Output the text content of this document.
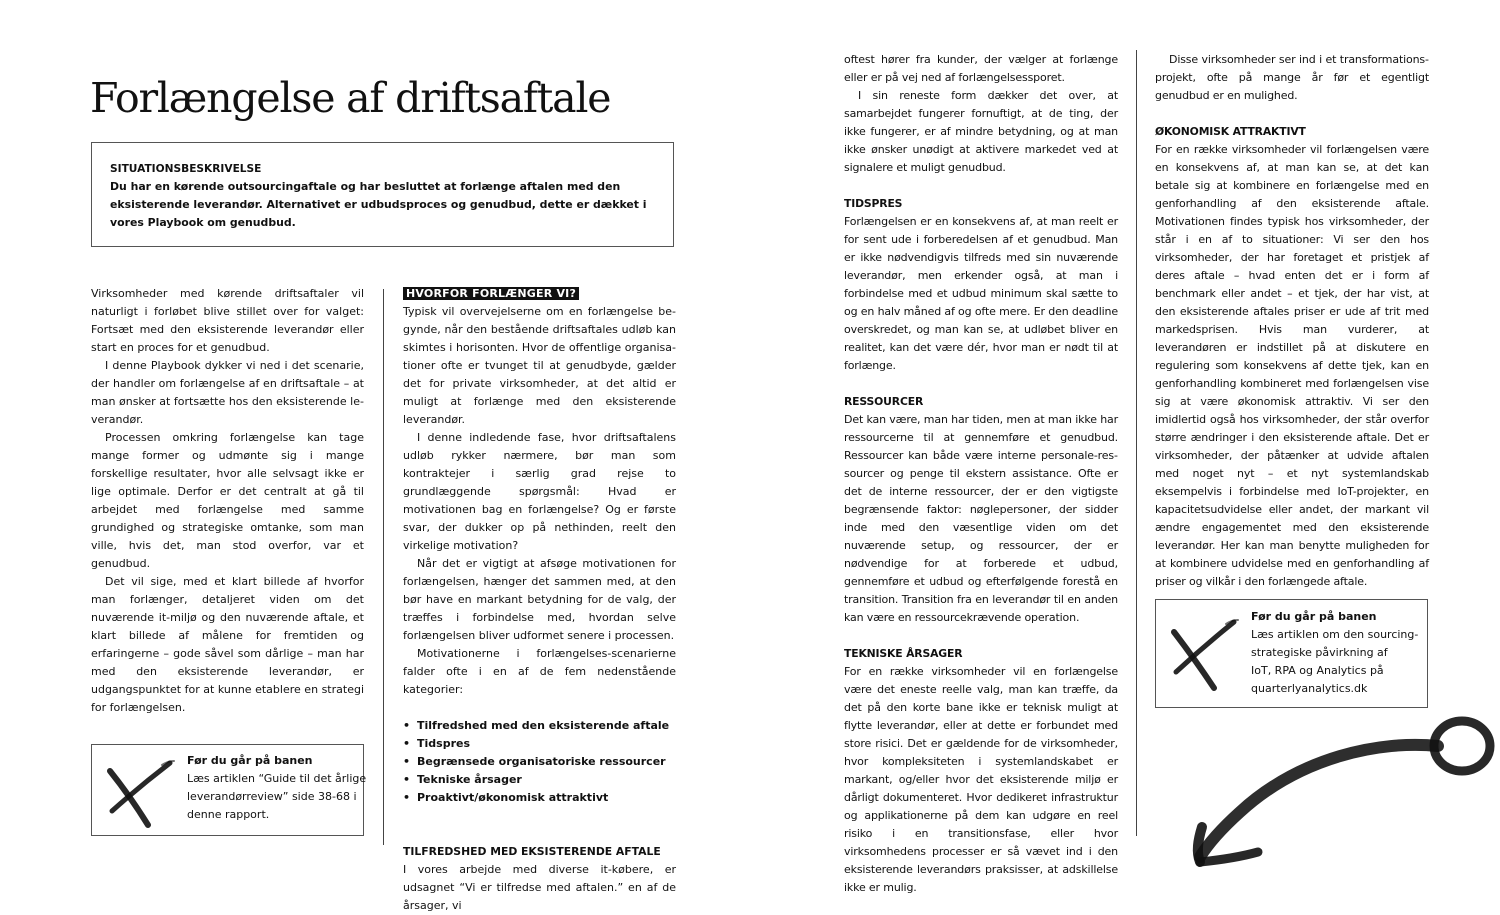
Forlængelse af driftsaftale
SITUATIONSBESKRIVELSE
Du har en kørende outsourcingaftale og har besluttet at forlænge aftalen med den eksisterende leverandør. Alternativet er udbudsproces og genudbud, dette er dækket i vores Playbook om genudbud.

Virksomheder med kørende driftsaftaler vil naturligt i forløbet blive stillet over for valget: Fortsæt med den eksisterende leverandør eller start en proces for et genudbud.

I denne Playbook dykker vi ned i det scenarie, der handler om forlængelse af en driftsaftale – at man ønsker at fortsætte hos den eksisterende leverandør.

Processen omkring forlængelse kan tage mange former og udmønte sig i mange forskellige resultater, hvor alle selvsagt ikke er lige optimale. Derfor er det centralt at gå til arbejdet med forlængelse med samme grundighed og strategiske omtanke, som man ville, hvis det, man stod overfor, var et genudbud.

Det vil sige, med et klart billede af hvorfor man forlænger, detaljeret viden om det nuværende it-miljø og den nuværende aftale, et klart billede af målene for fremtiden og erfaringerne – gode såvel som dårlige – man har med den eksisterende leverandør, er udgangspunktet for at kunne etablere en strategi for forlængelsen.

Før du går på banen
Læs artiklen “Guide til det årlige leverandørreview” side 38-68 i denne rapport.

HVORFOR FORLÆNGER VI?

Typisk vil overvejelserne om en forlængelse begynde, når den bestående driftsaftales udløb kan skimtes i horisonten. Hvor de offentlige organisationer ofte er tvunget til at genudbyde, gælder det for private virksomheder, at det altid er muligt at forlænge med den eksisterende leverandør.

I denne indledende fase, hvor driftsaftalens udløb rykker nærmere, bør man som kontraktejer i særlig grad rejse to grundlæggende spørgsmål: Hvad er motivationen bag en forlængelse? Og er første svar, der dukker op på nethinden, reelt den virkelige motivation?

Når det er vigtigt at afsøge motivationen for forlængelsen, hænger det sammen med, at den bør have en markant betydning for de valg, der træffes i forbindelse med, hvordan selve forlængelsen bliver udformet senere i processen.

Motivationerne i forlængelses-scenarierne falder ofte i en af de fem nedenstående kategorier:

• Tilfredshed med den eksisterende aftale
• Tidspres
• Begrænsede organisatoriske ressourcer
• Tekniske årsager
• Proaktivt/økonomisk attraktivt

TILFREDSHED MED EKSISTERENDE AFTALE

I vores arbejde med diverse it-købere, er udsagnet “Vi er tilfredse med aftalen.” en af de årsager, vi

oftest hører fra kunder, der vælger at forlænge eller er på vej ned af forlængelsessporet.

I sin reneste form dækker det over, at samarbejdet fungerer fornuftigt, at de ting, der ikke fungerer, er af mindre betydning, og at man ikke ønsker unødigt at aktivere markedet ved at signalere et muligt genudbud.

TIDSPRES

Forlængelsen er en konsekvens af, at man reelt er for sent ude i forberedelsen af et genudbud. Man er ikke nødvendigvis tilfreds med sin nuværende leverandør, men erkender også, at man i forbindelse med et udbud minimum skal sætte to og en halv måned af og ofte mere. Er den deadline overskredet, og man kan se, at udløbet bliver en realitet, kan det være dér, hvor man er nødt til at forlænge.

RESSOURCER

Det kan være, man har tiden, men at man ikke har ressourcerne til at gennemføre et genudbud. Ressourcer kan både være interne personale-ressourcer og penge til ekstern assistance. Ofte er det de interne ressourcer, der er den vigtigste begrænsende faktor: nøglepersoner, der sidder inde med den væsentlige viden om det nuværende setup, og ressourcer, der er nødvendige for at forberede et udbud, gennemføre et udbud og efterfølgende forestå en transition. Transition fra en leverandør til en anden kan være en ressourcekrævende operation.

TEKNISKE ÅRSAGER

For en række virksomheder vil en forlængelse være det eneste reelle valg, man kan træffe, da det på den korte bane ikke er teknisk muligt at flytte leverandør, eller at dette er forbundet med store risici. Det er gældende for de virksomheder, hvor kompleksiteten i systemlandskabet er markant, og/eller hvor det eksisterende miljø er dårligt dokumenteret. Hvor dedikeret infrastruktur og applikationerne på dem kan udgøre en reel risiko i en transitionsfase, eller hvor virksomhedens processer er så vævet ind i den eksisterende leverandørs praksisser, at adskillelse ikke er mulig.

Disse virksomheder ser ind i et transformationsprojekt, ofte på mange år før et egentligt genudbud er en mulighed.

ØKONOMISK ATTRAKTIVT

For en række virksomheder vil forlængelsen være en konsekvens af, at man kan se, at det kan betale sig at kombinere en forlængelse med en genforhandling af den eksisterende aftale. Motivationen findes typisk hos virksomheder, der står i en af to situationer: Vi ser den hos virksomheder, der har foretaget et pristjek af deres aftale – hvad enten det er i form af benchmark eller andet – et tjek, der har vist, at den eksisterende aftales priser er ude af trit med markedsprisen. Hvis man vurderer, at leverandøren er indstillet på at diskutere en regulering som konsekvens af dette tjek, kan en genforhandling kombineret med forlængelsen vise sig at være økonomisk attraktiv. Vi ser den imidlertid også hos virksomheder, der står overfor større ændringer i den eksisterende aftale. Det er virksomheder, der påtænker at udvide aftalen med noget nyt – et nyt systemlandskab eksempelvis i forbindelse med IoT-projekter, en kapacitetsudvidelse eller andet, der markant vil ændre engagementet med den eksisterende leverandør. Her kan man benytte muligheden for at kombinere udvidelse med en genforhandling af priser og vilkår i den forlængede aftale.

Før du går på banen
Læs artiklen om den sourcing-
strategiske påvirkning af
IoT, RPA og Analytics på
quarterlyanalytics.dk
